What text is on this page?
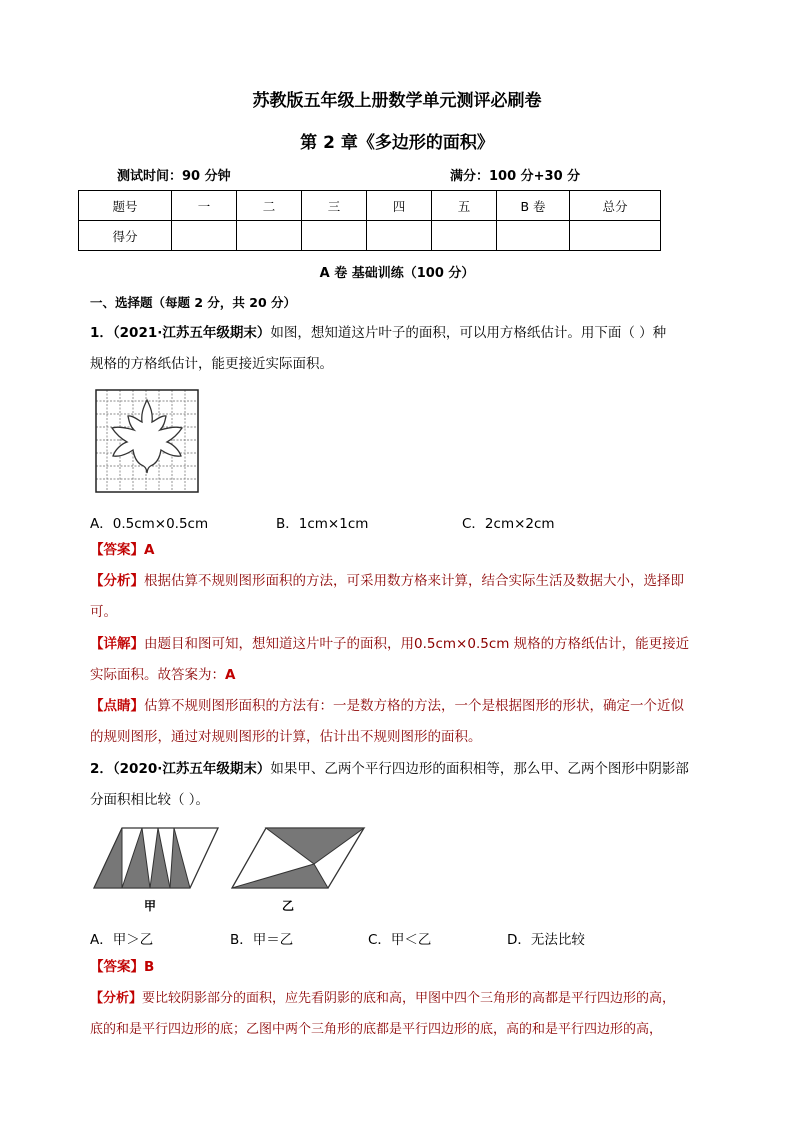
苏教版五年级上册数学单元测评必刷卷
第 2 章《多边形的面积》
测试时间：90 分钟	满分：100 分+30 分
题号	一	二	三	四	五	B 卷	总分
得分							
A 卷 基础训练（100 分）
一、选择题（每题 2 分，共 20 分）
1．（2021·江苏五年级期末）如图，想知道这片叶子的面积，可以用方格纸估计。用下面（ ）种
规格的方格纸估计，能更接近实际面积。
A．0.5cm×0.5cm	B．1cm×1cm	C．2cm×2cm
【答案】A
【分析】根据估算不规则图形面积的方法，可采用数方格来计算，结合实际生活及数据大小，选择即
可。
【详解】由题目和图可知，想知道这片叶子的面积，用0.5cm×0.5cm 规格的方格纸估计，能更接近
实际面积。故答案为：A
【点睛】估算不规则图形面积的方法有：一是数方格的方法，一个是根据图形的形状，确定一个近似
的规则图形，通过对规则图形的计算，估计出不规则图形的面积。
2．（2020·江苏五年级期末）如果甲、乙两个平行四边形的面积相等，那么甲、乙两个图形中阴影部
分面积相比较（ ）。
甲	乙
A．甲＞乙	B．甲＝乙	C．甲＜乙	D．无法比较
【答案】B
【分析】要比较阴影部分的面积，应先看阴影的底和高，甲图中四个三角形的高都是平行四边形的高，
底的和是平行四边形的底；乙图中两个三角形的底都是平行四边形的底，高的和是平行四边形的高，
